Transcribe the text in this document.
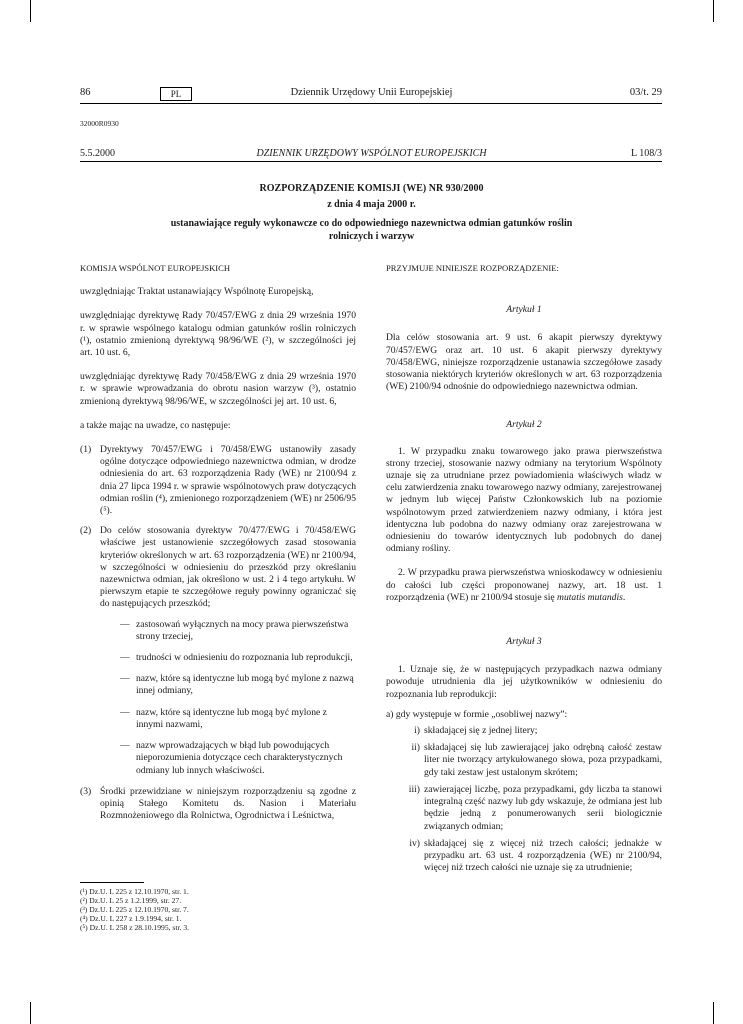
86	PL	Dziennik Urzędowy Unii Europejskiej	03/t. 29
32000R0930
5.5.2000	DZIENNIK URZĘDOWY WSPÓLNOT EUROPEJSKICH	L 108/3
ROZPORZĄDZENIE KOMISJI (WE) NR 930/2000
z dnia 4 maja 2000 r.
ustanawiające reguły wykonawcze co do odpowiedniego nazewnictwa odmian gatunków roślin
rolniczych i warzyw

KOMISJA WSPÓLNOT EUROPEJSKICH

uwzględniając Traktat ustanawiający Wspólnotę Europejską,

uwzględniając dyrektywę Rady 70/457/EWG z dnia 29 września 1970 r. w sprawie wspólnego katalogu odmian gatunków roślin rolniczych (¹), ostatnio zmienioną dyrektywą 98/96/WE (²), w szczególności jej art. 10 ust. 6,

uwzględniając dyrektywę Rady 70/458/EWG z dnia 29 września 1970 r. w sprawie wprowadzania do obrotu nasion warzyw (³), ostatnio zmienioną dyrektywą 98/96/WE, w szczególności jej art. 10 ust. 6,

a także mając na uwadze, co następuje:

(1) Dyrektywy 70/457/EWG i 70/458/EWG ustanowiły zasady ogólne dotyczące odpowiedniego nazewnictwa odmian, w drodze odniesienia do art. 63 rozporządzenia Rady (WE) nr 2100/94 z dnia 27 lipca 1994 r. w sprawie wspólnotowych praw dotyczących odmian roślin (⁴), zmienionego rozporządzeniem (WE) nr 2506/95 (⁵).
(2) Do celów stosowania dyrektyw 70/477/EWG i 70/458/EWG właściwe jest ustanowienie szczegółowych zasad stosowania kryteriów określonych w art. 63 rozporządzenia (WE) nr 2100/94, w szczególności w odniesieniu do przeszkód przy określaniu nazewnictwa odmian, jak określono w ust. 2 i 4 tego artykułu. W pierwszym etapie te szczegółowe reguły powinny ograniczać się do następujących przeszkód;
— zastosowań wyłącznych na mocy prawa pierwszeństwa strony trzeciej,
— trudności w odniesieniu do rozpoznania lub reprodukcji,
— nazw, które są identyczne lub mogą być mylone z nazwą innej odmiany,
— nazw, które są identyczne lub mogą być mylone z innymi nazwami,
— nazw wprowadzających w błąd lub powodujących nieporozumienia dotyczące cech charakterystycznych odmiany lub innych właściwości.
(3) Środki przewidziane w niniejszym rozporządzeniu są zgodne z opinią Stałego Komitetu ds. Nasion i Materiału Rozmnożeniowego dla Rolnictwa, Ogrodnictwa i Leśnictwa,
(¹) Dz.U. L 225 z 12.10.1970, str. 1.
(²) Dz.U. L 25 z 1.2.1999, str. 27.
(³) Dz.U. L 225 z 12.10.1970, str. 7.
(⁴) Dz.U. L 227 z 1.9.1994, str. 1.
(⁵) Dz.U. L 258 z 28.10.1995, str. 3.

PRZYJMUJE NINIEJSZE ROZPORZĄDZENIE:

Artykuł 1

Dla celów stosowania art. 9 ust. 6 akapit pierwszy dyrektywy 70/457/EWG oraz art. 10 ust. 6 akapit pierwszy dyrektywy 70/458/EWG, niniejsze rozporządzenie ustanawia szczegółowe zasady stosowania niektórych kryteriów określonych w art. 63 rozporządzenia (WE) 2100/94 odnośnie do odpowiedniego nazewnictwa odmian.

Artykuł 2

1. W przypadku znaku towarowego jako prawa pierwszeństwa strony trzeciej, stosowanie nazwy odmiany na terytorium Wspólnoty uznaje się za utrudniane przez powiadomienia właściwych władz w celu zatwierdzenia znaku towarowego nazwy odmiany, zarejestrowanej w jednym lub więcej Państw Członkowskich lub na poziomie wspólnotowym przed zatwierdzeniem nazwy odmiany, i która jest identyczna lub podobna do nazwy odmiany oraz zarejestrowana w odniesieniu do towarów identycznych lub podobnych do danej odmiany rośliny.

2. W przypadku prawa pierwszeństwa wnioskodawcy w odniesieniu do całości lub części proponowanej nazwy, art. 18 ust. 1 rozporządzenia (WE) nr 2100/94 stosuje się mutatis mutandis.

Artykuł 3

1. Uznaje się, że w następujących przypadkach nazwa odmiany powoduje utrudnienia dla jej użytkowników w odniesieniu do rozpoznania lub reprodukcji:

a) gdy występuje w formie „osobliwej nazwy”:

i) składającej się z jednej litery;
ii) składającej się lub zawierającej jako odrębną całość zestaw liter nie tworzący artykułowanego słowa, poza przypadkami, gdy taki zestaw jest ustalonym skrótem;
iii) zawierającej liczbę, poza przypadkami, gdy liczba ta stanowi integralną część nazwy lub gdy wskazuje, że odmiana jest lub będzie jedną z ponumerowanych serii biologicznie związanych odmian;
iv) składającej się z więcej niż trzech całości; jednakże w przypadku art. 63 ust. 4 rozporządzenia (WE) nr 2100/94, więcej niż trzech całości nie uznaje się za utrudnienie;
